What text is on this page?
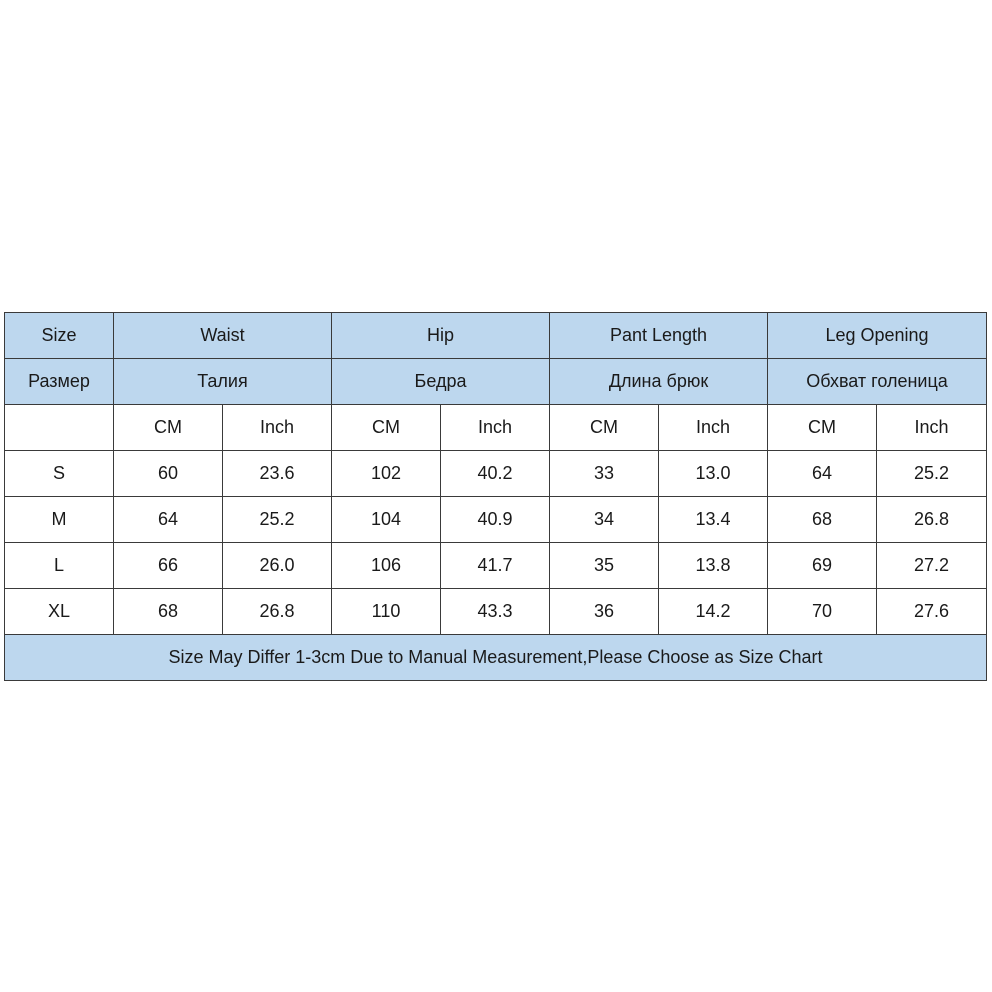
Size	Waist		Hip		Pant Length		Leg Opening	
Размер	Талия		Бедра		Длина брюк		Обхват голеница	
	CM	Inch	CM	Inch	CM	Inch	CM	Inch
S	60	23.6	102	40.2	33	13.0	64	25.2
M	64	25.2	104	40.9	34	13.4	68	26.8
L	66	26.0	106	41.7	35	13.8	69	27.2
XL	68	26.8	110	43.3	36	14.2	70	27.6
Size May Differ 1-3cm Due to Manual Measurement,Please Choose as Size Chart								
